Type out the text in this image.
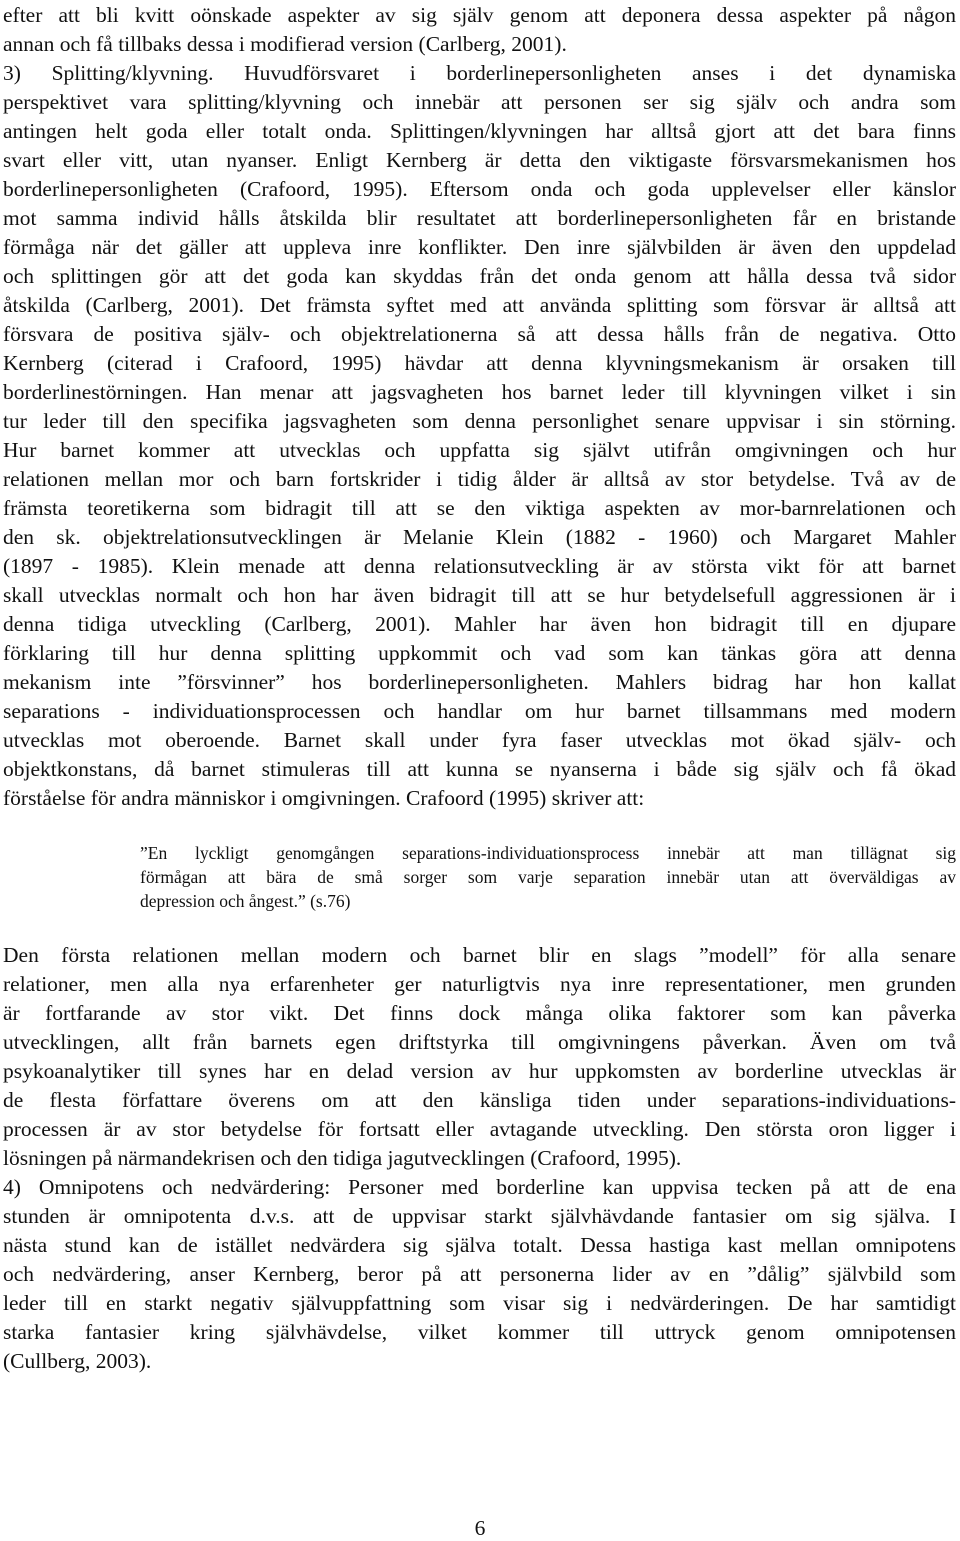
efter att bli kvitt oönskade aspekter av sig själv genom att deponera dessa aspekter på någon
annan och få tillbaks dessa i modifierad version (Carlberg, 2001).
3) Splitting/klyvning. Huvudförsvaret i borderlinepersonligheten anses i det dynamiska
perspektivet vara splitting/klyvning och innebär att personen ser sig själv och andra som
antingen helt goda eller totalt onda. Splittingen/klyvningen har alltså gjort att det bara finns
svart eller vitt, utan nyanser. Enligt Kernberg är detta den viktigaste försvarsmekanismen hos
borderlinepersonligheten (Crafoord, 1995). Eftersom onda och goda upplevelser eller känslor
mot samma individ hålls åtskilda blir resultatet att borderlinepersonligheten får en bristande
förmåga när det gäller att uppleva inre konflikter. Den inre självbilden är även den uppdelad
och splittingen gör att det goda kan skyddas från det onda genom att hålla dessa två sidor
åtskilda (Carlberg, 2001). Det främsta syftet med att använda splitting som försvar är alltså att
försvara de positiva själv- och objektrelationerna så att dessa hålls från de negativa. Otto
Kernberg (citerad i Crafoord, 1995) hävdar att denna klyvningsmekanism är orsaken till
borderlinestörningen. Han menar att jagsvagheten hos barnet leder till klyvningen vilket i sin
tur leder till den specifika jagsvagheten som denna personlighet senare uppvisar i sin störning.
Hur barnet kommer att utvecklas och uppfatta sig självt utifrån omgivningen och hur
relationen mellan mor och barn fortskrider i tidig ålder är alltså av stor betydelse. Två av de
främsta teoretikerna som bidragit till att se den viktiga aspekten av mor-barnrelationen och
den sk. objektrelationsutvecklingen är Melanie Klein (1882 - 1960) och Margaret Mahler
(1897 - 1985). Klein menade att denna relationsutveckling är av största vikt för att barnet
skall utvecklas normalt och hon har även bidragit till att se hur betydelsefull aggressionen är i
denna tidiga utveckling (Carlberg, 2001). Mahler har även hon bidragit till en djupare
förklaring till hur denna splitting uppkommit och vad som kan tänkas göra att denna
mekanism inte ”försvinner” hos borderlinepersonligheten. Mahlers bidrag har hon kallat
separations - individuationsprocessen och handlar om hur barnet tillsammans med modern
utvecklas mot oberoende. Barnet skall under fyra faser utvecklas mot ökad själv- och
objektkonstans, då barnet stimuleras till att kunna se nyanserna i både sig själv och få ökad
förståelse för andra människor i omgivningen. Crafoord (1995) skriver att:
”En lyckligt genomgången separations-individuationsprocess innebär att man tillägnat sig
förmågan att bära de små sorger som varje separation innebär utan att överväldigas av
depression och ångest.” (s.76)
Den första relationen mellan modern och barnet blir en slags ”modell” för alla senare
relationer, men alla nya erfarenheter ger naturligtvis nya inre representationer, men grunden
är fortfarande av stor vikt. Det finns dock många olika faktorer som kan påverka
utvecklingen, allt från barnets egen driftstyrka till omgivningens påverkan. Även om två
psykoanalytiker till synes har en delad version av hur uppkomsten av borderline utvecklas är
de flesta författare överens om att den känsliga tiden under separations-individuations-
processen är av stor betydelse för fortsatt eller avtagande utveckling. Den största oron ligger i
lösningen på närmandekrisen och den tidiga jagutvecklingen (Crafoord, 1995).
4) Omnipotens och nedvärdering: Personer med borderline kan uppvisa tecken på att de ena
stunden är omnipotenta d.v.s. att de uppvisar starkt självhävdande fantasier om sig själva. I
nästa stund kan de istället nedvärdera sig själva totalt. Dessa hastiga kast mellan omnipotens
och nedvärdering, anser Kernberg, beror på att personerna lider av en ”dålig” självbild som
leder till en starkt negativ självuppfattning som visar sig i nedvärderingen. De har samtidigt
starka fantasier kring självhävdelse, vilket kommer till uttryck genom omnipotensen
(Cullberg, 2003).
6
